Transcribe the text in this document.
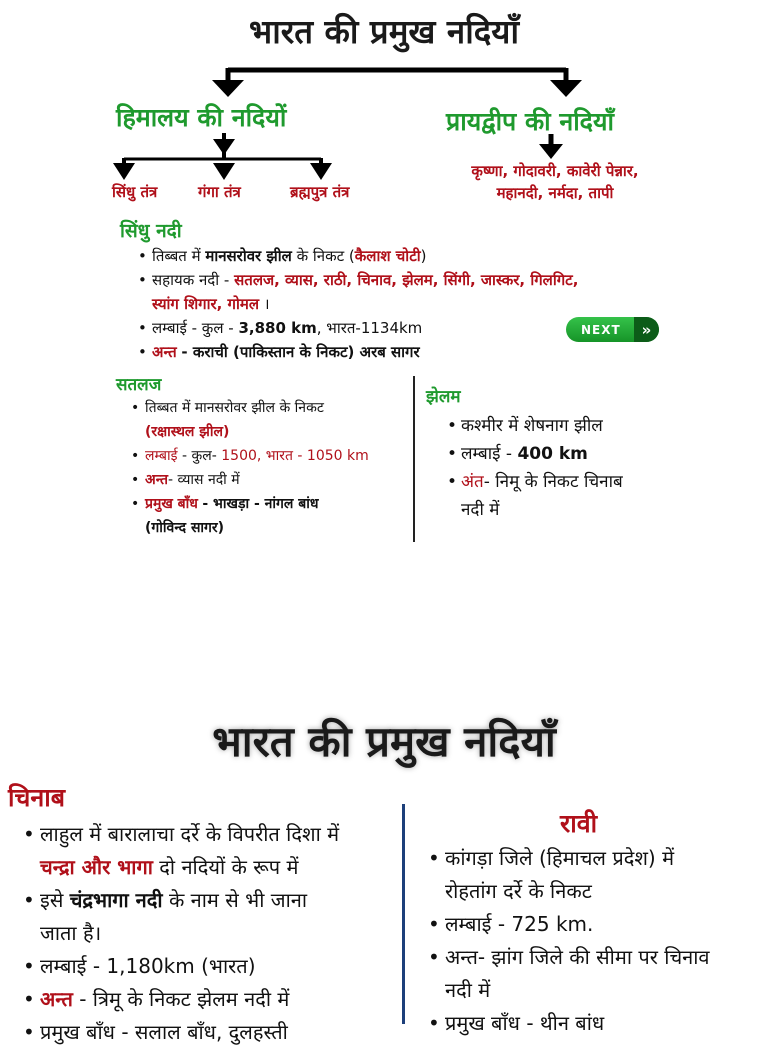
भारत की प्रमुख नदियाँ
हिमालय की नदियों	प्रायद्वीप की नदियाँ
सिंधु तंत्र	गंगा तंत्र	ब्रह्मपुत्र तंत्र
कृष्णा, गोदावरी, कावेरी पेन्नार,
महानदी, नर्मदा, तापी
सिंधु नदी
• तिब्बत में मानसरोवर झील के निकट (कैलाश चोटी)
• सहायक नदी - सतलज, व्यास, राठी, चिनाव, झेलम, सिंगी, जास्कर, गिलगिट,
स्यांग शिगार, गोमल ।
• लम्बाई - कुल - 3,880 km, भारत-1134km
• अन्त - कराची (पाकिस्तान के निकट) अरब सागर
NEXT	»
सतलज
• तिब्बत में मानसरोवर झील के निकट
(रक्षास्थल झील)
• लम्बाई - कुल- 1500, भारत - 1050 km
• अन्त- व्यास नदी में
• प्रमुख बाँध - भाखड़ा - नांगल बांध
(गोविन्द सागर)
झेलम
• कश्मीर में शेषनाग झील
• लम्बाई - 400 km
• अंत- निमू के निकट चिनाब
नदी में
भारत की प्रमुख नदियाँ
चिनाब
• लाहुल में बारालाचा दर्रे के विपरीत दिशा में
चन्द्रा और भागा दो नदियों के रूप में
• इसे चंद्रभागा नदी के नाम से भी जाना
जाता है।
• लम्बाई - 1,180km (भारत)
• अन्त - त्रिमू के निकट झेलम नदी में
• प्रमुख बाँध - सलाल बाँध, दुलहस्ती
रावी
• कांगड़ा जिले (हिमाचल प्रदेश) में
रोहतांग दर्रे के निकट
• लम्बाई - 725 km.
• अन्त- झांग जिले की सीमा पर चिनाव
नदी में
• प्रमुख बाँध - थीन बांध
